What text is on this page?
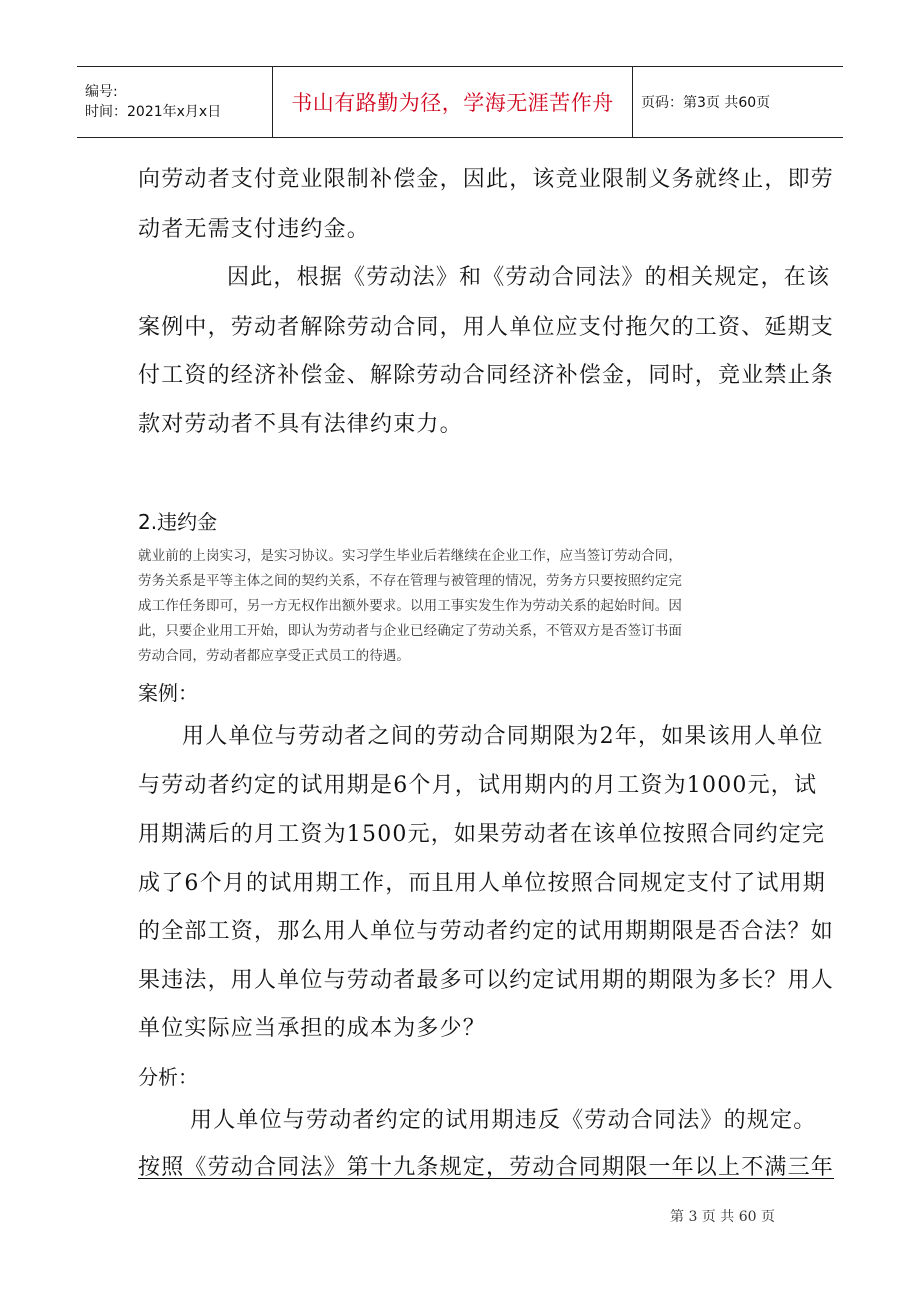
编号:
时间：2021年x月x日	书山有路勤为径，学海无涯苦作舟 页码：第3页 共60页
向劳动者支付竞业限制补偿金，因此，该竞业限制义务就终止，即劳
动者无需支付违约金。
因此，根据《劳动法》和《劳动合同法》的相关规定，在该
案例中，劳动者解除劳动合同，用人单位应支付拖欠的工资、延期支
付工资的经济补偿金、解除劳动合同经济补偿金，同时，竞业禁止条
款对劳动者不具有法律约束力。
2.违约金
就业前的上岗实习，是实习协议。实习学生毕业后若继续在企业工作，应当签订劳动合同，
劳务关系是平等主体之间的契约关系，不存在管理与被管理的情况，劳务方只要按照约定完
成工作任务即可，另一方无权作出额外要求。以用工事实发生作为劳动关系的起始时间。因
此，只要企业用工开始，即认为劳动者与企业已经确定了劳动关系，不管双方是否签订书面
劳动合同，劳动者都应享受正式员工的待遇。
案例：
用人单位与劳动者之间的劳动合同期限为2年，如果该用人单位
与劳动者约定的试用期是6个月，试用期内的月工资为1000元，试
用期满后的月工资为1500元，如果劳动者在该单位按照合同约定完
成了6个月的试用期工作，而且用人单位按照合同规定支付了试用期
的全部工资，那么用人单位与劳动者约定的试用期期限是否合法？如
果违法，用人单位与劳动者最多可以约定试用期的期限为多长？用人
单位实际应当承担的成本为多少？
分析：
用人单位与劳动者约定的试用期违反《劳动合同法》的规定。
按照《劳动合同法》第十九条规定，劳动合同期限一年以上不满三年
第 3 页 共 60 页
